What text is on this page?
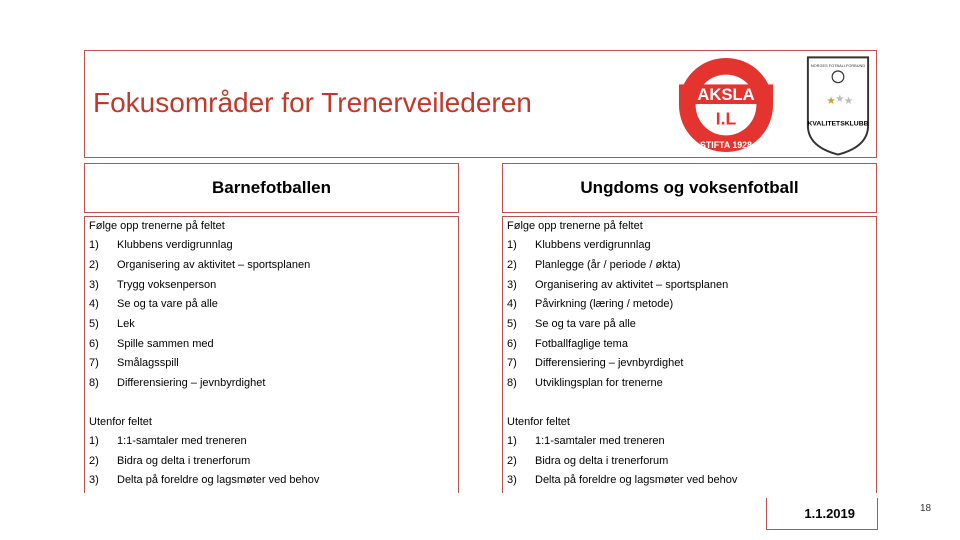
Fokusområder for Trenerveilederen	AKSLA
I.L
STIFTA 1928
NORGES FOTBALLFORBUND
★ ★ ★
KVALITETSKLUBB
Barnefotballen	Ungdoms og voksenfotball
Følge opp trenerne på feltet
1)	Klubbens verdigrunnlag
2)	Organisering av aktivitet – sportsplanen
3)	Trygg voksenperson
4)	Se og ta vare på alle
5)	Lek
6)	Spille sammen med
7)	Smålagsspill
8)	Differensiering – jevnbyrdighet
Utenfor feltet
1)	1:1-samtaler med treneren
2)	Bidra og delta i trenerforum
3)	Delta på foreldre og lagsmøter ved behov
Følge opp trenerne på feltet
1)	Klubbens verdigrunnlag
2)	Planlegge (år / periode / økta)
3)	Organisering av aktivitet – sportsplanen
4)	Påvirkning (læring / metode)
5)	Se og ta vare på alle
6)	Fotballfaglige tema
7)	Differensiering – jevnbyrdighet
8)	Utviklingsplan for trenerne
Utenfor feltet
1)	1:1-samtaler med treneren
2)	Bidra og delta i trenerforum
3)	Delta på foreldre og lagsmøter ved behov
1.1.2019	18
